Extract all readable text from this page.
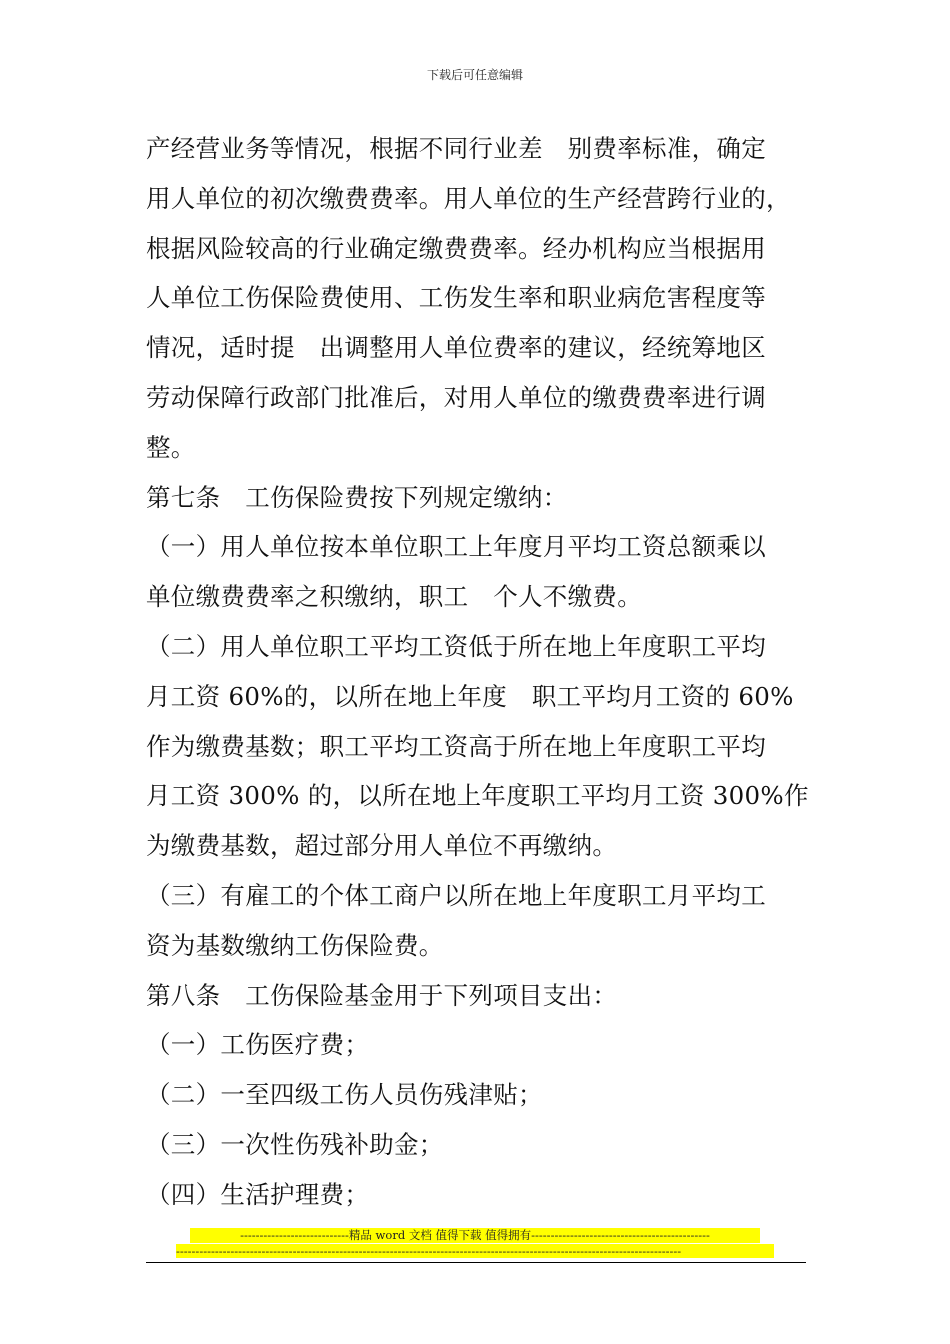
下载后可任意编辑
产经营业务等情况，根据不同行业差　别费率标准，确定
用人单位的初次缴费费率。用人单位的生产经营跨行业的，
根据风险较高的行业确定缴费费率。经办机构应当根据用
人单位工伤保险费使用、工伤发生率和职业病危害程度等
情况，适时提　出调整用人单位费率的建议，经统筹地区
劳动保障行政部门批准后，对用人单位的缴费费率进行调
整。
第七条　工伤保险费按下列规定缴纳：
（一）用人单位按本单位职工上年度月平均工资总额乘以
单位缴费费率之积缴纳，职工　个人不缴费。
（二）用人单位职工平均工资低于所在地上年度职工平均
月工资 60%的，以所在地上年度　职工平均月工资的 60%
作为缴费基数；职工平均工资高于所在地上年度职工平均
月工资 300% 的，以所在地上年度职工平均月工资 300%作
为缴费基数，超过部分用人单位不再缴纳。
（三）有雇工的个体工商户以所在地上年度职工月平均工
资为基数缴纳工伤保险费。
第八条　工伤保险基金用于下列项目支出：
（一）工伤医疗费；
（二）一至四级工伤人员伤残津贴；
（三）一次性伤残补助金；
（四）生活护理费；
----------------------------精品 word 文档 值得下载 值得拥有----------------------------------------------
----------------------------------------------------------------------------------------------------------------------------------
